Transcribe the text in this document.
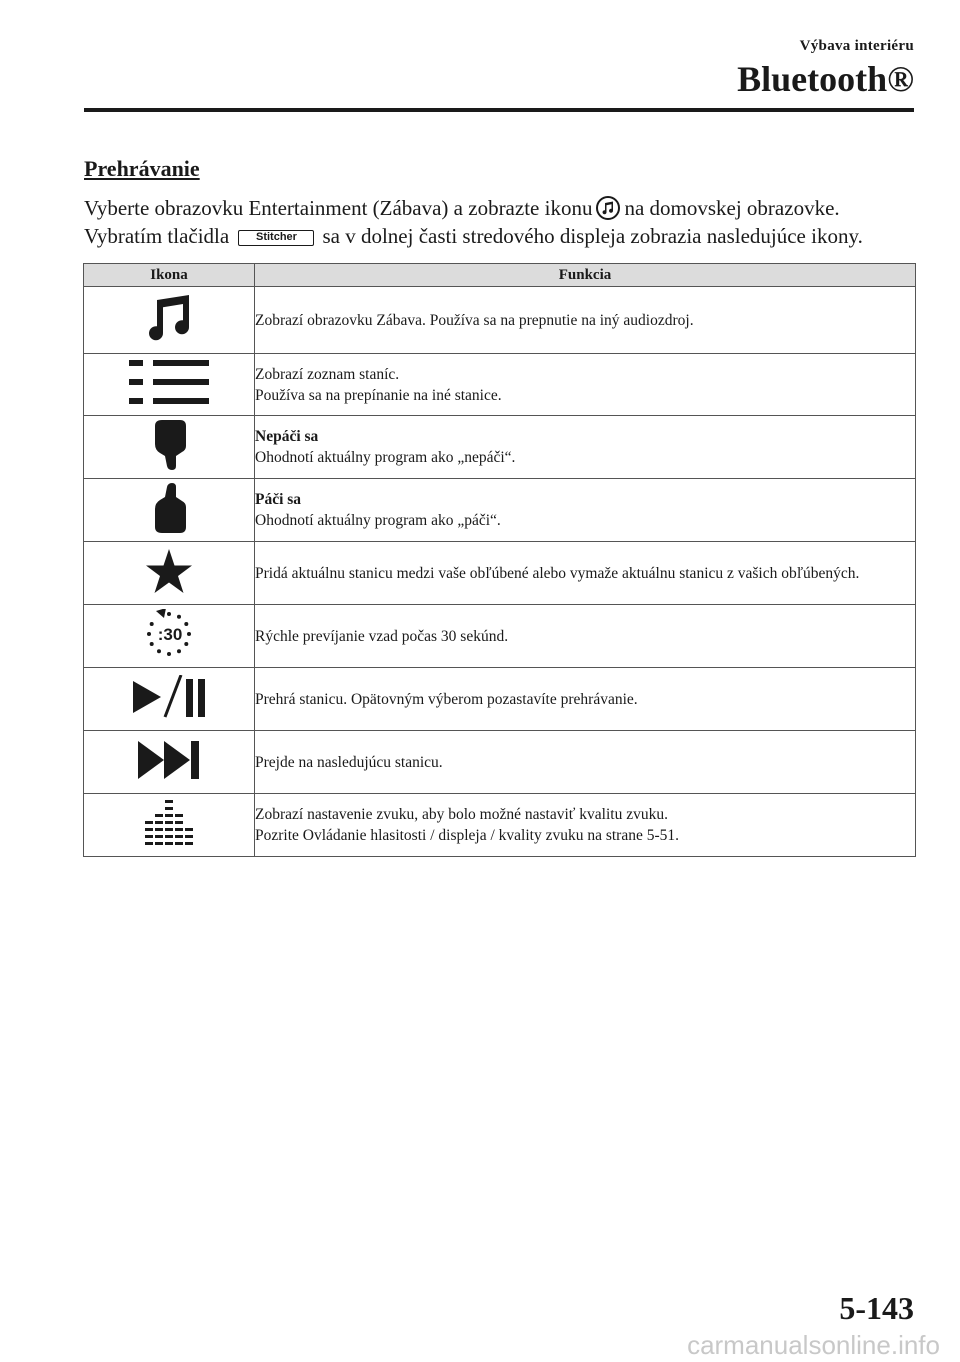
Výbava interiéru
Bluetooth®
Prehrávanie
Vyberte obrazovku Entertainment (Zábava) a zobrazte ikonu na domovskej obrazovke.
Vybratím tlačidla Stitcher sa v dolnej časti stredového displeja zobrazia nasledujúce ikony.
Ikona	Funkcia

Zobrazí obrazovku Zábava. Používa sa na prepnutie na iný audiozdroj.

Zobrazí zoznam staníc.
Používa sa na prepínanie na iné stanice.

Nepáči sa
Ohodnotí aktuálny program ako „nepáči“.

Páči sa
Ohodnotí aktuálny program ako „páči“.

Pridá aktuálnu stanicu medzi vaše obľúbené alebo vymaže aktuálnu stanicu z vašich obľúbených.

:30	Rýchle prevíjanie vzad počas 30 sekúnd.

Prehrá stanicu. Opätovným výberom pozastavíte prehrávanie.

Prejde na nasledujúcu stanicu.

Zobrazí nastavenie zvuku, aby bolo možné nastaviť kvalitu zvuku.
Pozrite Ovládanie hlasitosti / displeja / kvality zvuku na strane 5-51.
5-143
carmanualsonline.info
